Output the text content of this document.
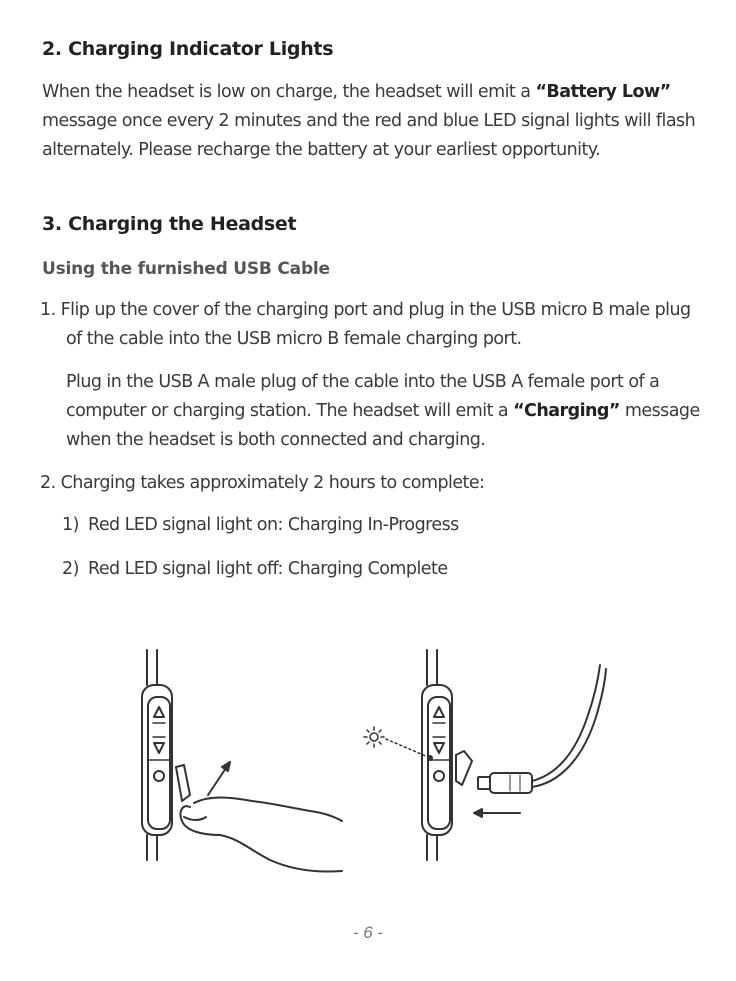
2. Charging Indicator Lights

When the headset is low on charge, the headset will emit a “Battery Low”
message once every 2 minutes and the red and blue LED signal lights will flash
alternately. Please recharge the battery at your earliest opportunity.

3. Charging the Headset
Using the furnished USB Cable

1. Flip up the cover of the charging port and plug in the USB micro B male plug
of the cable into the USB micro B female charging port.

Plug in the USB A male plug of the cable into the USB A female port of a
computer or charging station. The headset will emit a “Charging” message
when the headset is both connected and charging.

2. Charging takes approximately 2 hours to complete:

1) Red LED signal light on: Charging In-Progress

2) Red LED signal light off: Charging Complete

- 6 -
